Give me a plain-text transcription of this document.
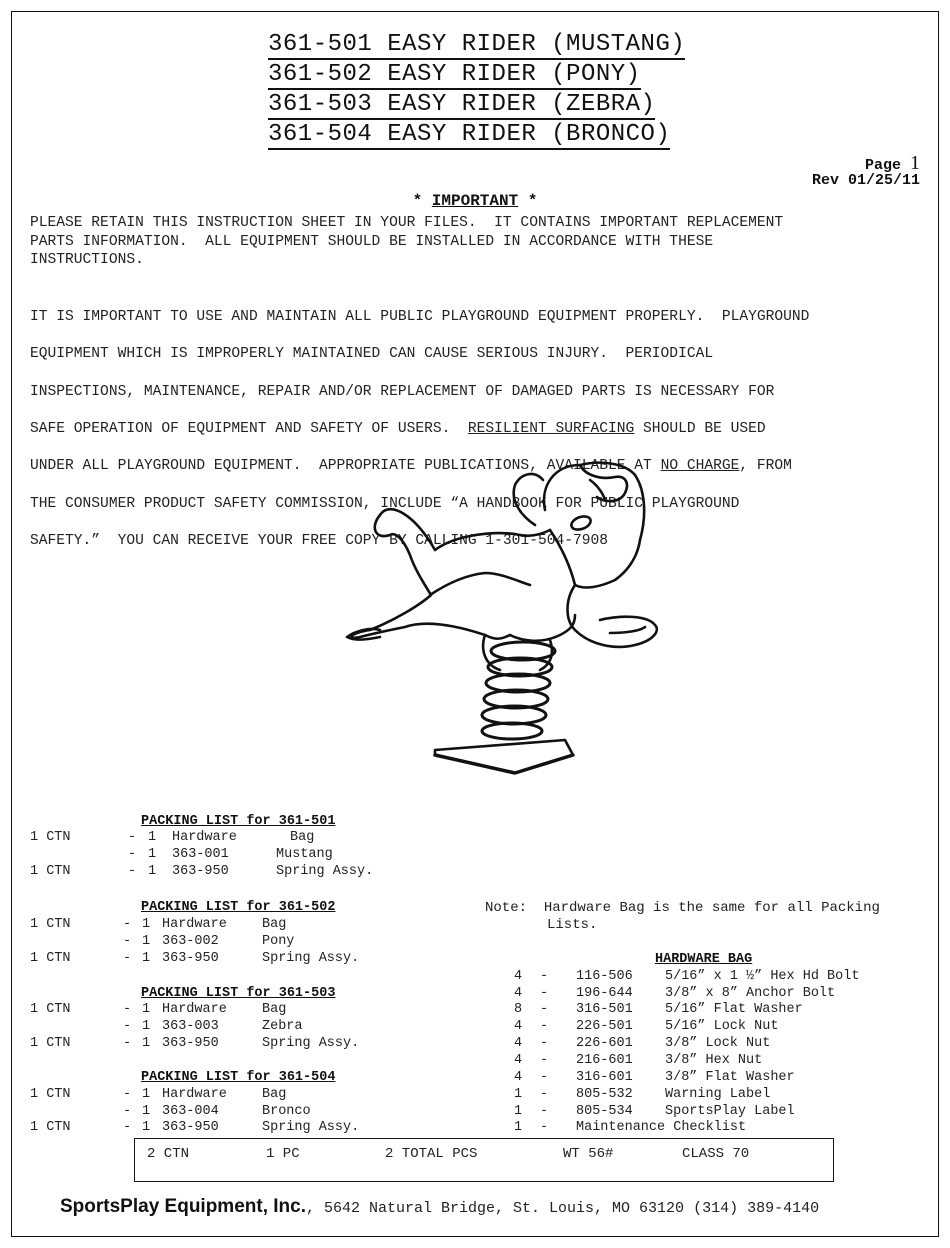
361-501 EASY RIDER (MUSTANG)
361-502 EASY RIDER (PONY)
361-503 EASY RIDER (ZEBRA)
361-504 EASY RIDER (BRONCO)
Page 1
Rev 01/25/11
* IMPORTANT *
PLEASE RETAIN THIS INSTRUCTION SHEET IN YOUR FILES.  IT CONTAINS IMPORTANT REPLACEMENT
PARTS INFORMATION.  ALL EQUIPMENT SHOULD BE INSTALLED IN ACCORDANCE WITH THESE
INSTRUCTIONS.

IT IS IMPORTANT TO USE AND MAINTAIN ALL PUBLIC PLAYGROUND EQUIPMENT PROPERLY.  PLAYGROUND

EQUIPMENT WHICH IS IMPROPERLY MAINTAINED CAN CAUSE SERIOUS INJURY.  PERIODICAL

INSPECTIONS, MAINTENANCE, REPAIR AND/OR REPLACEMENT OF DAMAGED PARTS IS NECESSARY FOR

SAFE OPERATION OF EQUIPMENT AND SAFETY OF USERS.  RESILIENT SURFACING SHOULD BE USED

UNDER ALL PLAYGROUND EQUIPMENT.  APPROPRIATE PUBLICATIONS, AVAILABLE AT NO CHARGE, FROM

THE CONSUMER PRODUCT SAFETY COMMISSION, INCLUDE “A HANDBOOK FOR PUBLIC PLAYGROUND

SAFETY.”  YOU CAN RECEIVE YOUR FREE COPY BY CALLING 1-301-504-7908

PACKING LIST for 361-501
1 CTN	- 1 Hardware	Bag
- 1 363-001	Mustang
1 CTN	- 1 363-950	Spring Assy.
PACKING LIST for 361-502
1 CTN	- 1 Hardware	Bag
- 1 363-002	Pony
1 CTN	- 1 363-950	Spring Assy.
PACKING LIST for 361-503
1 CTN	- 1 Hardware	Bag
- 1 363-003	Zebra
1 CTN	- 1 363-950	Spring Assy.
PACKING LIST for 361-504
1 CTN	- 1 Hardware	Bag
- 1 363-004	Bronco
1 CTN	- 1 363-950	Spring Assy.
Note: Hardware Bag is the same for all Packing
Lists.
HARDWARE BAG
4 - 116-506 5/16” x 1 ½” Hex Hd Bolt
4 - 196-644 3/8” x 8” Anchor Bolt
8 - 316-501 5/16” Flat Washer
4 - 226-501 5/16” Lock Nut
4 - 226-601 3/8” Lock Nut
4 - 216-601 3/8” Hex Nut
4 - 316-601 3/8” Flat Washer
1 - 805-532 Warning Label
1 - 805-534 SportsPlay Label
1 - Maintenance Checklist
2 CTN	1 PC	2 TOTAL PCS	WT 56#	CLASS 70
SportsPlay Equipment, Inc., 5642 Natural Bridge, St. Louis, MO 63120 (314) 389-4140
